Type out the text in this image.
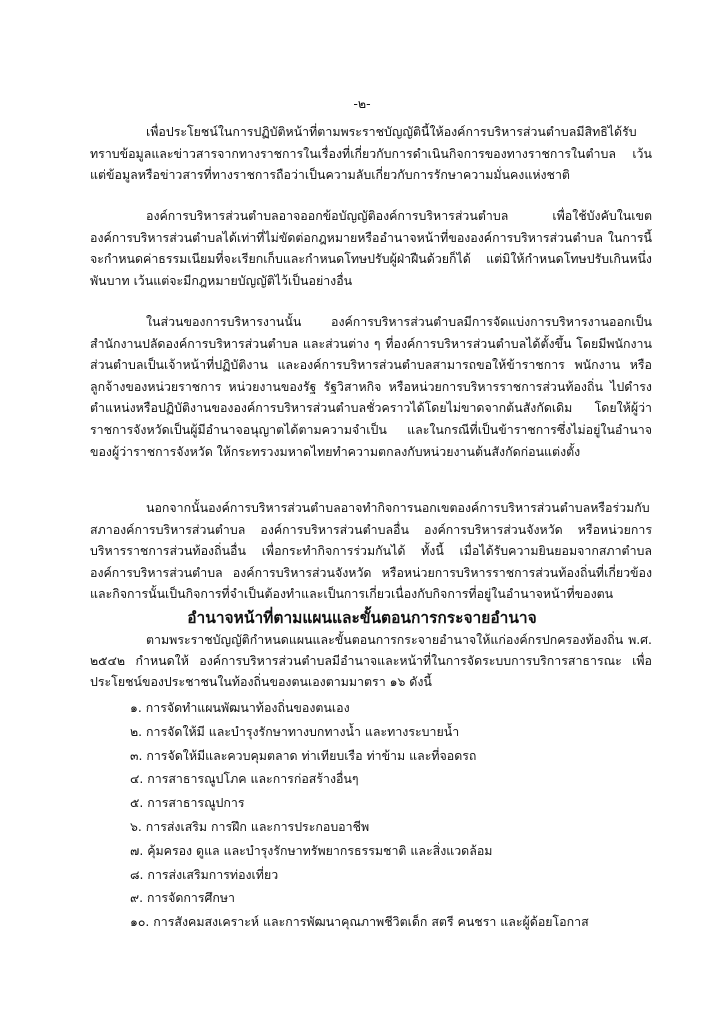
-๒-

เพื่อประโยชน์ในการปฏิบัติหน้าที่ตามพระราชบัญญัตินี้ให้องค์การบริหารส่วนตำบลมีสิทธิได้รับทราบข้อมูลและข่าวสารจากทางราชการในเรื่องที่เกี่ยวกับการดำเนินกิจการของทางราชการในตำบล เว้นแต่ข้อมูลหรือข่าวสารที่ทางราชการถือว่าเป็นความลับเกี่ยวกับการรักษาความมั่นคงแห่งชาติ

องค์การบริหารส่วนตำบลอาจออกข้อบัญญัติองค์การบริหารส่วนตำบล เพื่อใช้บังคับในเขตองค์การบริหารส่วนตำบลได้เท่าที่ไม่ขัดต่อกฎหมายหรืออำนาจหน้าที่ขององค์การบริหารส่วนตำบล ในการนี้จะกำหนดค่าธรรมเนียมที่จะเรียกเก็บและกำหนดโทษปรับผู้ฝ่าฝืนด้วยก็ได้ แต่มิให้กำหนดโทษปรับเกินหนึ่งพันบาท เว้นแต่จะมีกฎหมายบัญญัติไว้เป็นอย่างอื่น

ในส่วนของการบริหารงานนั้น องค์การบริหารส่วนตำบลมีการจัดแบ่งการบริหารงานออกเป็นสำนักงานปลัดองค์การบริหารส่วนตำบล และส่วนต่าง ๆ ที่องค์การบริหารส่วนตำบลได้ตั้งขึ้น โดยมีพนักงานส่วนตำบลเป็นเจ้าหน้าที่ปฏิบัติงาน และองค์การบริหารส่วนตำบลสามารถขอให้ข้าราชการ พนักงาน หรือลูกจ้างของหน่วยราชการ หน่วยงานของรัฐ รัฐวิสาหกิจ หรือหน่วยการบริหารราชการส่วนท้องถิ่น ไปดำรงตำแหน่งหรือปฏิบัติงานขององค์การบริหารส่วนตำบลชั่วคราวได้โดยไม่ขาดจากต้นสังกัดเดิม โดยให้ผู้ว่าราชการจังหวัดเป็นผู้มีอำนาจอนุญาตได้ตามความจำเป็น และในกรณีที่เป็นข้าราชการซึ่งไม่อยู่ในอำนาจของผู้ว่าราชการจังหวัด ให้กระทรวงมหาดไทยทำความตกลงกับหน่วยงานต้นสังกัดก่อนแต่งตั้ง

นอกจากนั้นองค์การบริหารส่วนตำบลอาจทำกิจการนอกเขตองค์การบริหารส่วนตำบลหรือร่วมกับสภาองค์การบริหารส่วนตำบล องค์การบริหารส่วนตำบลอื่น องค์การบริหารส่วนจังหวัด หรือหน่วยการบริหารราชการส่วนท้องถิ่นอื่น เพื่อกระทำกิจการร่วมกันได้ ทั้งนี้ เมื่อได้รับความยินยอมจากสภาตำบลองค์การบริหารส่วนตำบล องค์การบริหารส่วนจังหวัด หรือหน่วยการบริหารราชการส่วนท้องถิ่นที่เกี่ยวข้อง และกิจการนั้นเป็นกิจการที่จำเป็นต้องทำและเป็นการเกี่ยวเนื่องกับกิจการที่อยู่ในอำนาจหน้าที่ของตน

อำนาจหน้าที่ตามแผนและขั้นตอนการกระจายอำนาจ

ตามพระราชบัญญัติกำหนดแผนและขั้นตอนการกระจายอำนาจให้แก่องค์กรปกครองท้องถิ่น พ.ศ. ๒๕๔๒ กำหนดให้ องค์การบริหารส่วนตำบลมีอำนาจและหน้าที่ในการจัดระบบการบริการสาธารณะ เพื่อประโยชน์ของประชาชนในท้องถิ่นของตนเองตามมาตรา ๑๖ ดังนี้

๑. การจัดทำแผนพัฒนาท้องถิ่นของตนเอง
๒. การจัดให้มี และบำรุงรักษาทางบกทางน้ำ และทางระบายน้ำ
๓. การจัดให้มีและควบคุมตลาด ท่าเทียบเรือ ท่าข้าม และที่จอดรถ
๔. การสาธารณูปโภค และการก่อสร้างอื่นๆ
๕. การสาธารณูปการ
๖. การส่งเสริม การฝึก และการประกอบอาชีพ
๗. คุ้มครอง ดูแล และบำรุงรักษาทรัพยากรธรรมชาติ และสิ่งแวดล้อม
๘. การส่งเสริมการท่องเที่ยว
๙. การจัดการศึกษา
๑๐. การสังคมสงเคราะห์ และการพัฒนาคุณภาพชีวิตเด็ก สตรี คนชรา และผู้ด้อยโอกาส
